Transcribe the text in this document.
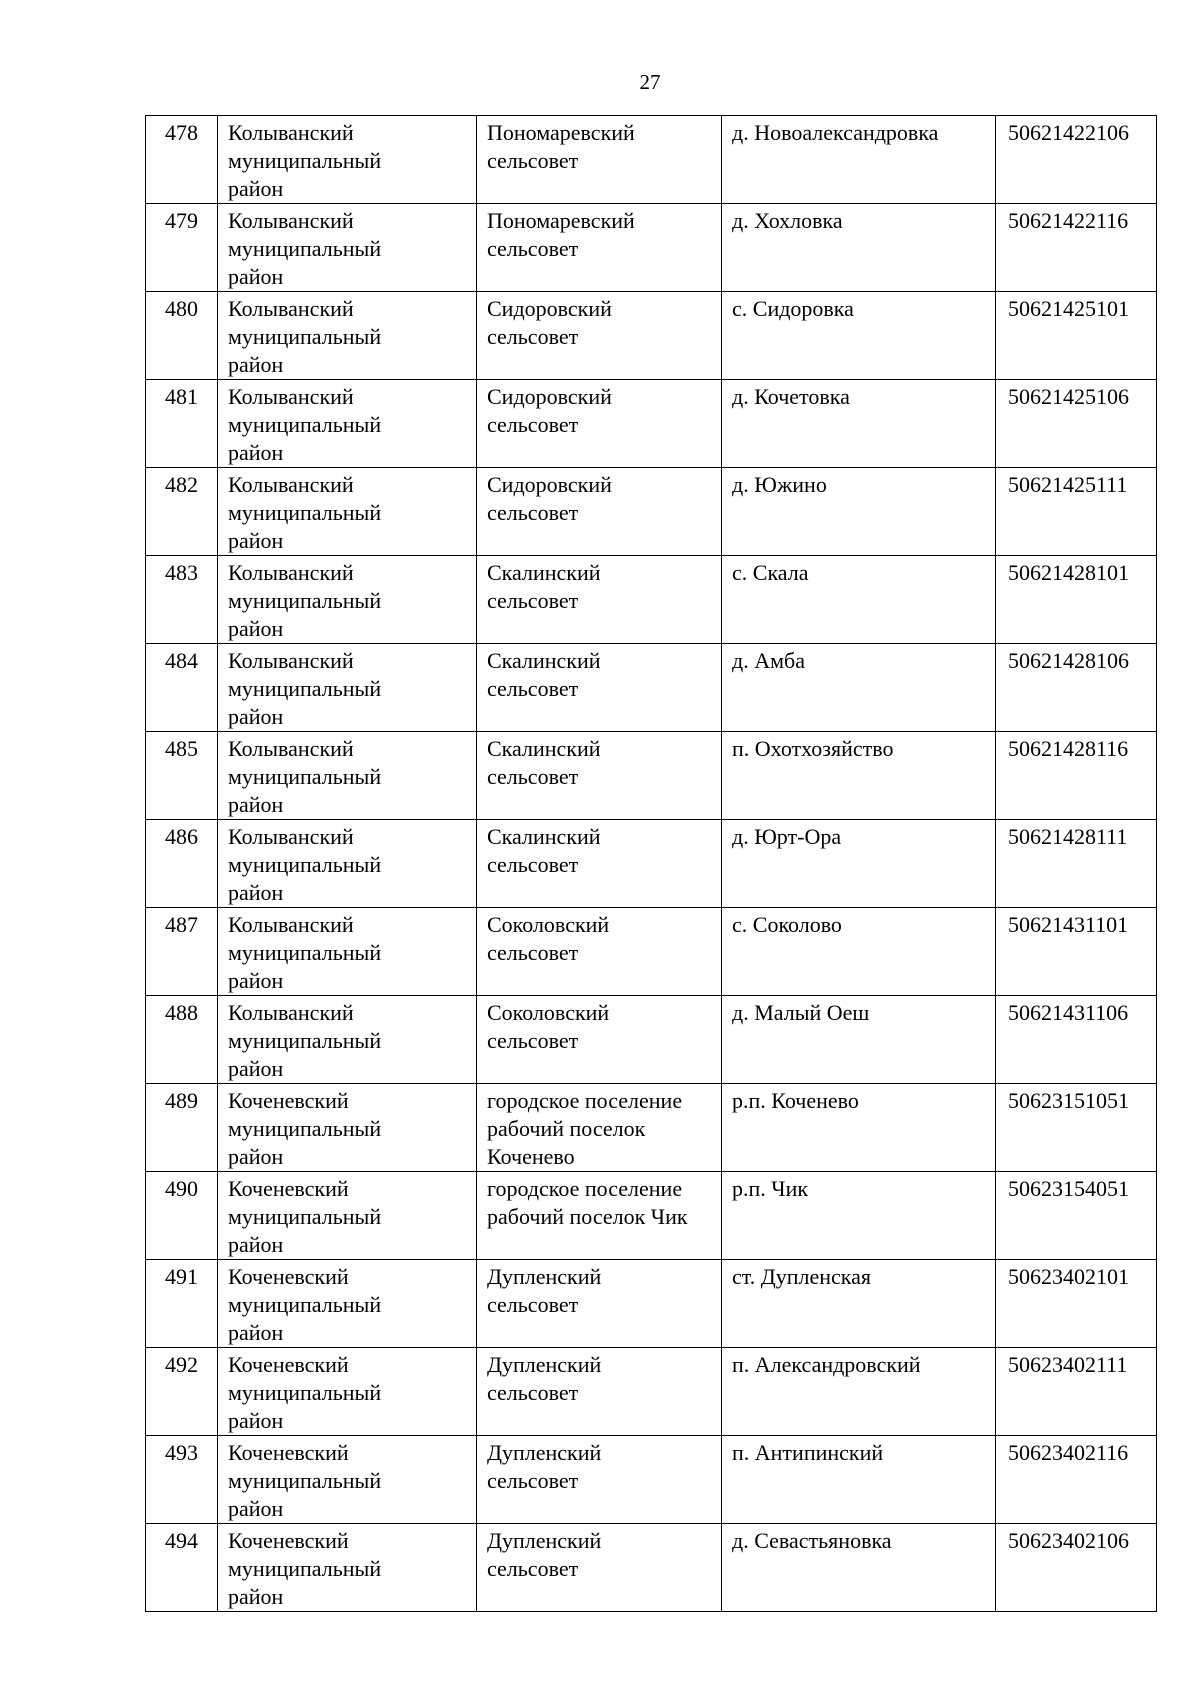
27
478	Колыванский
муниципальный
район	Пономаревский
сельсовет	д. Новоалександровка	50621422106

479	Колыванский
муниципальный
район	Пономаревский
сельсовет	д. Хохловка	50621422116

480	Колыванский
муниципальный
район	Сидоровский
сельсовет	с. Сидоровка	50621425101

481	Колыванский
муниципальный
район	Сидоровский
сельсовет	д. Кочетовка	50621425106

482	Колыванский
муниципальный
район	Сидоровский
сельсовет	д. Южино	50621425111

483	Колыванский
муниципальный
район	Скалинский
сельсовет	с. Скала	50621428101

484	Колыванский
муниципальный
район	Скалинский
сельсовет	д. Амба	50621428106

485	Колыванский
муниципальный
район	Скалинский
сельсовет	п. Охотхозяйство	50621428116

486	Колыванский
муниципальный
район	Скалинский
сельсовет	д. Юрт-Ора	50621428111

487	Колыванский
муниципальный
район	Соколовский
сельсовет	с. Соколово	50621431101

488	Колыванский
муниципальный
район	Соколовский
сельсовет	д. Малый Оеш	50621431106

489	Коченевский
муниципальный
район	городское поселение
рабочий поселок
Коченево	р.п. Коченево	50623151051

490	Коченевский
муниципальный
район	городское поселение
рабочий поселок Чик	р.п. Чик	50623154051

491	Коченевский
муниципальный
район	Дупленский
сельсовет	ст. Дупленская	50623402101

492	Коченевский
муниципальный
район	Дупленский
сельсовет	п. Александровский	50623402111

493	Коченевский
муниципальный
район	Дупленский
сельсовет	п. Антипинский	50623402116

494	Коченевский
муниципальный
район	Дупленский
сельсовет	д. Севастьяновка	50623402106
